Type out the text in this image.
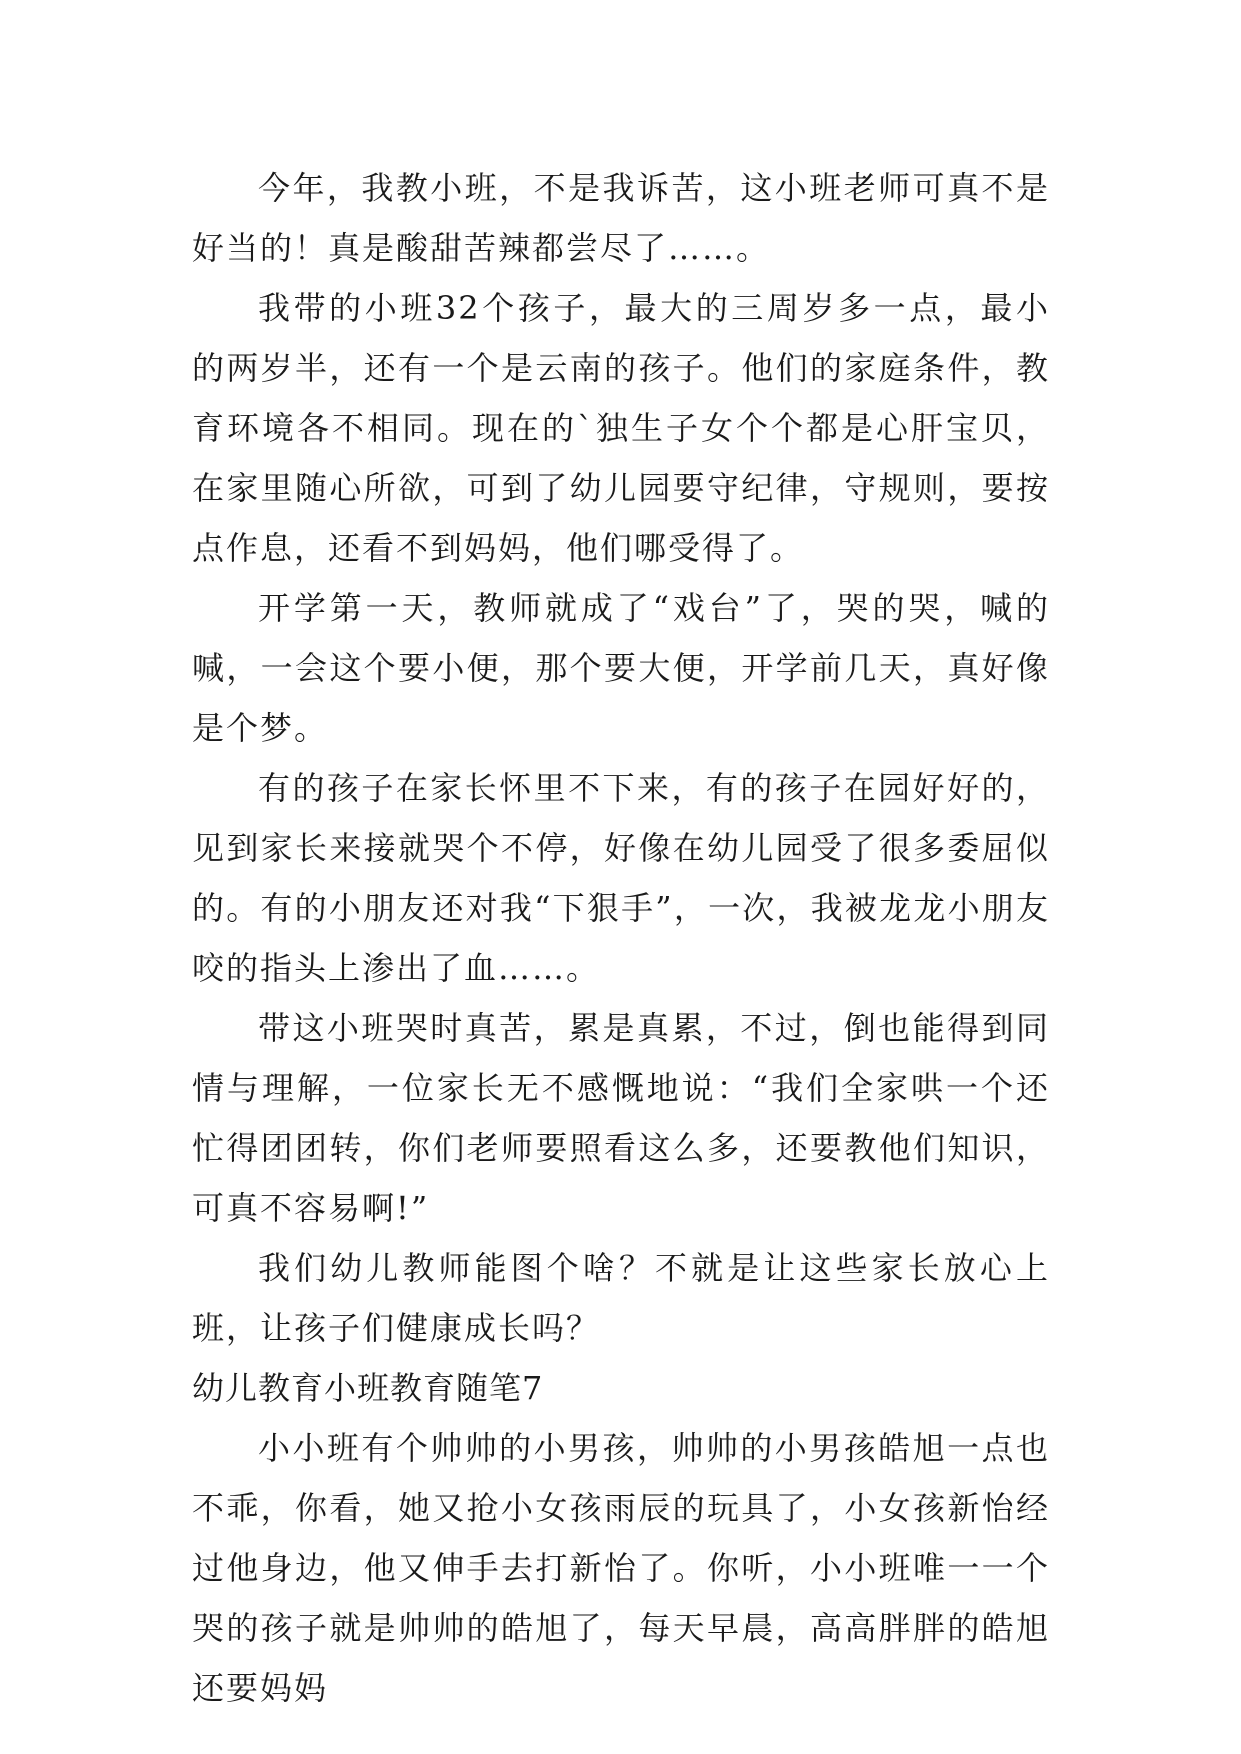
今年，我教小班，不是我诉苦，这小班老师可真不是好当的！真是酸甜苦辣都尝尽了……。

我带的小班32个孩子，最大的三周岁多一点，最小的两岁半，还有一个是云南的孩子。他们的家庭条件，教育环境各不相同。现在的`独生子女个个都是心肝宝贝，在家里随心所欲，可到了幼儿园要守纪律，守规则，要按点作息，还看不到妈妈，他们哪受得了。

开学第一天，教师就成了“戏台”了，哭的哭，喊的喊，一会这个要小便，那个要大便，开学前几天，真好像是个梦。

有的孩子在家长怀里不下来，有的孩子在园好好的，见到家长来接就哭个不停，好像在幼儿园受了很多委屈似的。有的小朋友还对我“下狠手”，一次，我被龙龙小朋友咬的指头上渗出了血……。

带这小班哭时真苦，累是真累，不过，倒也能得到同情与理解，一位家长无不感慨地说：“我们全家哄一个还忙得团团转，你们老师要照看这么多，还要教他们知识，可真不容易啊!”

我们幼儿教师能图个啥？不就是让这些家长放心上班，让孩子们健康成长吗？

幼儿教育小班教育随笔7

小小班有个帅帅的小男孩，帅帅的小男孩皓旭一点也不乖，你看，她又抢小女孩雨辰的玩具了，小女孩新怡经过他身边，他又伸手去打新怡了。你听，小小班唯一一个哭的孩子就是帅帅的皓旭了，每天早晨，高高胖胖的皓旭还要妈妈
